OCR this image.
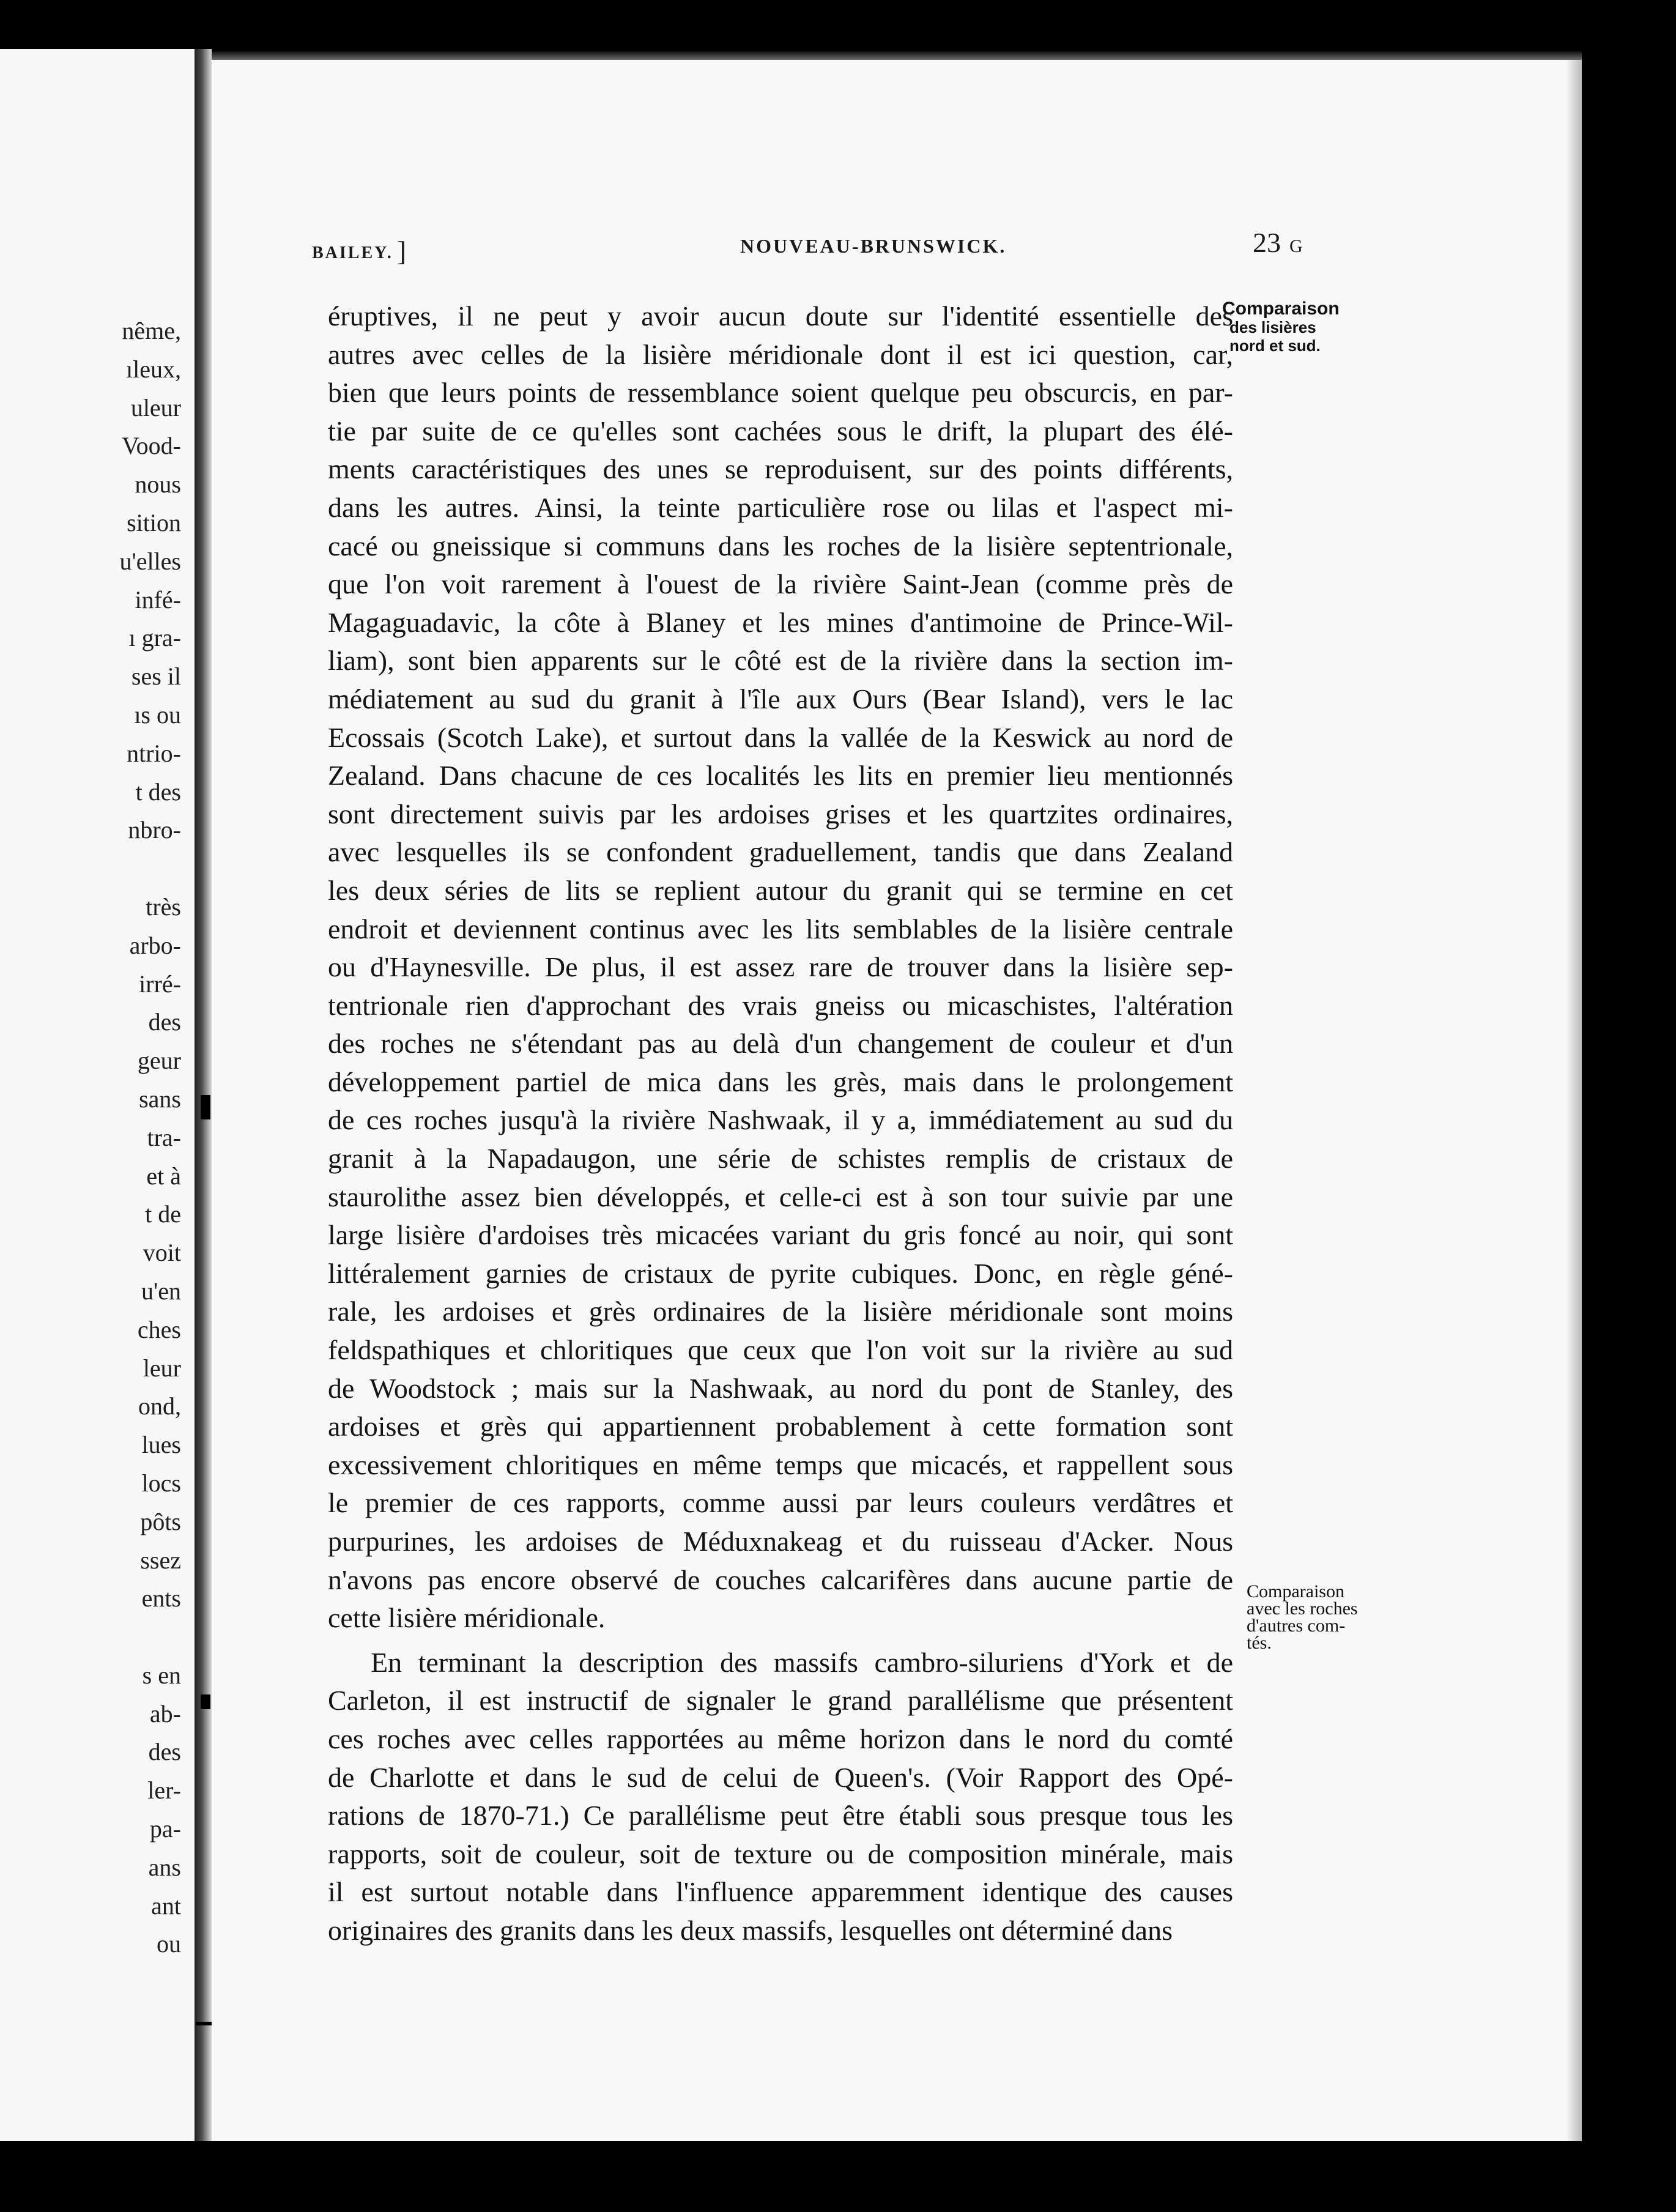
nême,
ıleux,
uleur
Vood-
nous
sition
u'elles
infé-
ı gra-
ses il
ıs ou
ntrio-
t des
nbro-
très
arbo-
irré-
des
geur
sans
tra-
et à
t de
voit
u'en
ches
leur
ond,
lues
locs
pôts
ssez
ents
s en
ab-
des
ler-
pa-
ans
ant
ou
BAILEY. ]	NOUVEAU-BRUNSWICK.	23 G
éruptives, il ne peut y avoir aucun doute sur l'identité essentielle des
autres avec celles de la lisière méridionale dont il est ici question, car,
bien que leurs points de ressemblance soient quelque peu obscurcis, en par-
tie par suite de ce qu'elles sont cachées sous le drift, la plupart des élé-
ments caractéristiques des unes se reproduisent, sur des points différents,
dans les autres. Ainsi, la teinte particulière rose ou lilas et l'aspect mi-
cacé ou gneissique si communs dans les roches de la lisière septentrionale,
que l'on voit rarement à l'ouest de la rivière Saint-Jean (comme près de
Magaguadavic, la côte à Blaney et les mines d'antimoine de Prince-Wil-
liam), sont bien apparents sur le côté est de la rivière dans la section im-
médiatement au sud du granit à l'île aux Ours (Bear Island), vers le lac
Ecossais (Scotch Lake), et surtout dans la vallée de la Keswick au nord de
Zealand. Dans chacune de ces localités les lits en premier lieu mentionnés
sont directement suivis par les ardoises grises et les quartzites ordinaires,
avec lesquelles ils se confondent graduellement, tandis que dans Zealand
les deux séries de lits se replient autour du granit qui se termine en cet
endroit et deviennent continus avec les lits semblables de la lisière centrale
ou d'Haynesville. De plus, il est assez rare de trouver dans la lisière sep-
tentrionale rien d'approchant des vrais gneiss ou micaschistes, l'altération
des roches ne s'étendant pas au delà d'un changement de couleur et d'un
développement partiel de mica dans les grès, mais dans le prolongement
de ces roches jusqu'à la rivière Nashwaak, il y a, immédiatement au sud du
granit à la Napadaugon, une série de schistes remplis de cristaux de
staurolithe assez bien développés, et celle-ci est à son tour suivie par une
large lisière d'ardoises très micacées variant du gris foncé au noir, qui sont
littéralement garnies de cristaux de pyrite cubiques. Donc, en règle géné-
rale, les ardoises et grès ordinaires de la lisière méridionale sont moins
feldspathiques et chloritiques que ceux que l'on voit sur la rivière au sud
de Woodstock ; mais sur la Nashwaak, au nord du pont de Stanley, des
ardoises et grès qui appartiennent probablement à cette formation sont
excessivement chloritiques en même temps que micacés, et rappellent sous
le premier de ces rapports, comme aussi par leurs couleurs verdâtres et
purpurines, les ardoises de Méduxnakeag et du ruisseau d'Acker. Nous
n'avons pas encore observé de couches calcarifères dans aucune partie de
cette lisière méridionale.
En terminant la description des massifs cambro-siluriens d'York et de
Carleton, il est instructif de signaler le grand parallélisme que présentent
ces roches avec celles rapportées au même horizon dans le nord du comté
de Charlotte et dans le sud de celui de Queen's. (Voir Rapport des Opé-
rations de 1870-71.) Ce parallélisme peut être établi sous presque tous les
rapports, soit de couleur, soit de texture ou de composition minérale, mais
il est surtout notable dans l'influence apparemment identique des causes
originaires des granits dans les deux massifs, lesquelles ont déterminé dans
Comparaison
des lisières
nord et sud.
Comparaison
avec les roches
d'autres com-
tés.
